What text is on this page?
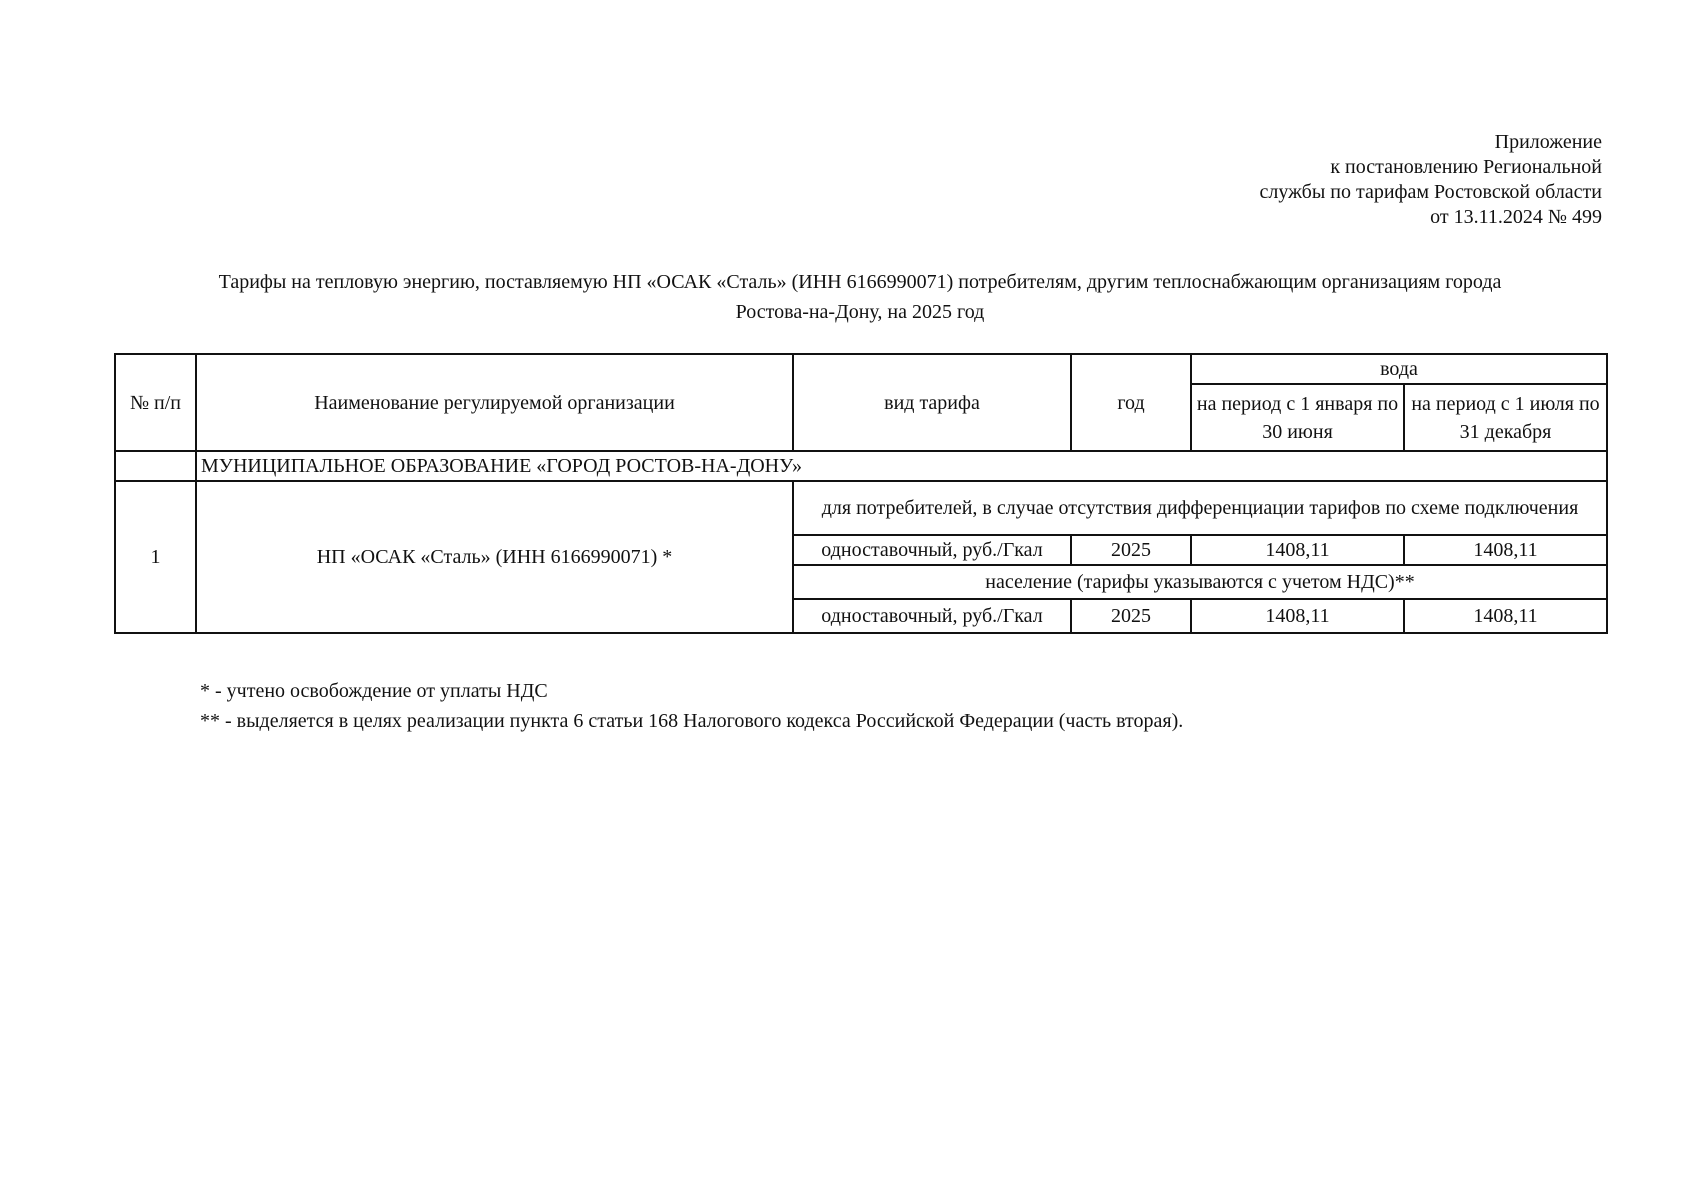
Приложение
к постановлению Региональной
службы по тарифам Ростовской области
от 13.11.2024 № 499
Тарифы на тепловую энергию, поставляемую НП «ОСАК «Сталь» (ИНН 6166990071) потребителям, другим теплоснабжающим организациям города
Ростова-на-Дону, на 2025 год
№ п/п	Наименование регулируемой организации	вид тарифа	год	вода	
				на период с 1 января по 30 июня	на период с 1 июля по 31 декабря
	МУНИЦИПАЛЬНОЕ ОБРАЗОВАНИЕ «ГОРОД РОСТОВ-НА-ДОНУ»				
1	НП «ОСАК «Сталь» (ИНН 6166990071) *	для потребителей, в случае отсутствия дифференциации тарифов по схеме подключения			
		одноставочный, руб./Гкал	2025	1408,11	1408,11
		население (тарифы указываются с учетом НДС)**			
		одноставочный, руб./Гкал	2025	1408,11	1408,11
* - учтено освобождение от уплаты НДС
** - выделяется в целях реализации пункта 6 статьи 168 Налогового кодекса Российской Федерации (часть вторая).
